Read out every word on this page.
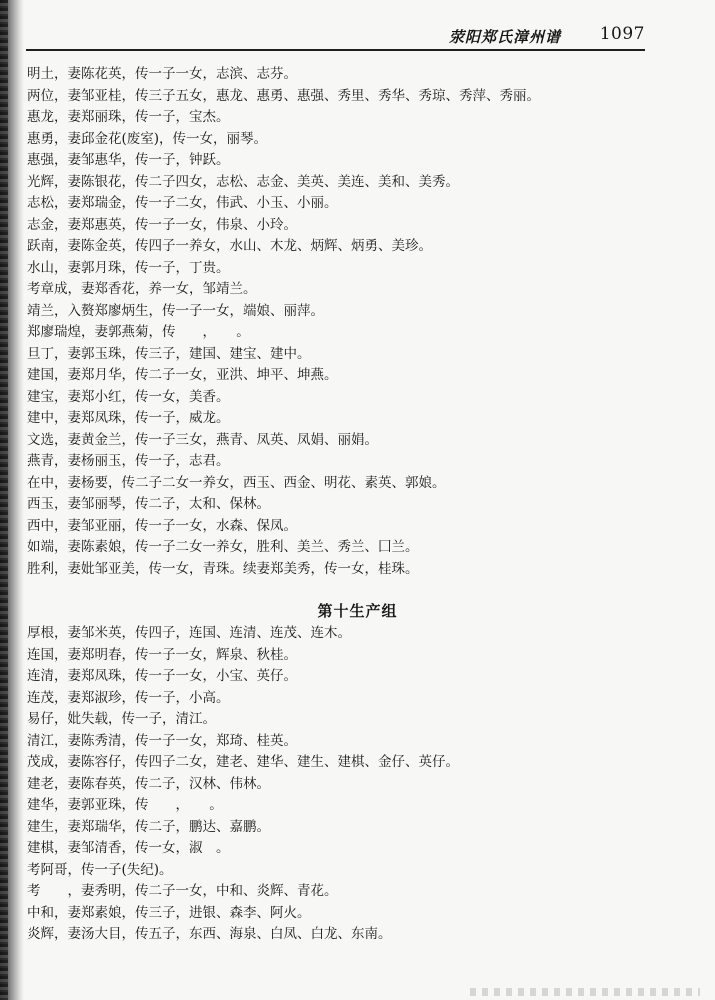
荥阳郑氏漳州谱 1097
明土，妻陈花英，传一子一女，志滨、志芬。
两位，妻邹亚桂，传三子五女，惠龙、惠勇、惠强、秀里、秀华、秀琼、秀萍、秀丽。
惠龙，妻郑丽珠，传一子，宝杰。
惠勇，妻邱金花(废室)，传一女，丽琴。
惠强，妻邹惠华，传一子，钟跃。
光辉，妻陈银花，传二子四女，志松、志金、美英、美连、美和、美秀。
志松，妻郑瑞金，传一子二女，伟武、小玉、小丽。
志金，妻郑惠英，传一子一女，伟泉、小玲。
跃南，妻陈金英，传四子一养女，水山、木龙、炳辉、炳勇、美珍。
水山，妻郭月珠，传一子，丁贵。
考章成，妻郑香花，养一女，邹靖兰。
靖兰，入赘郑廖炳生，传一子一女，端娘、丽萍。
郑廖瑞煌，妻郭燕菊，传　　，　　。
旦丁，妻郭玉珠，传三子，建国、建宝、建中。
建国，妻郑月华，传二子一女，亚洪、坤平、坤燕。
建宝，妻郑小红，传一女，美香。
建中，妻郑凤珠，传一子，威龙。
文选，妻黄金兰，传一子三女，燕青、凤英、凤娟、丽娟。
燕青，妻杨丽玉，传一子，志君。
在中，妻杨要，传二子二女一养女，西玉、西金、明花、素英、郭娘。
西玉，妻邹丽琴，传二子，太和、保林。
西中，妻邹亚丽，传一子一女，水森、保凤。
如端，妻陈素娘，传一子二女一养女，胜利、美兰、秀兰、囗兰。
胜利，妻妣邹亚美，传一女，青珠。续妻郑美秀，传一女，桂珠。
第十生产组
厚根，妻邹米英，传四子，连国、连清、连茂、连木。
连国，妻郑明春，传一子一女，辉泉、秋桂。
连清，妻郑凤珠，传一子一女，小宝、英仔。
连茂，妻郑淑珍，传一子，小高。
易仔，妣失载，传一子，清江。
清江，妻陈秀清，传一子一女，郑琦、桂英。
茂成，妻陈容仔，传四子二女，建老、建华、建生、建棋、金仔、英仔。
建老，妻陈春英，传二子，汉林、伟林。
建华，妻郭亚珠，传　　，　　。
建生，妻郑瑞华，传二子，鹏达、嘉鹏。
建棋，妻邹清香，传一女，淑　。
考阿哥，传一子(失纪)。
考　　，妻秀明，传二子一女，中和、炎辉、青花。
中和，妻郑素娘，传三子，进银、森李、阿火。
炎辉，妻汤大目，传五子，东西、海泉、白凤、白龙、东南。
